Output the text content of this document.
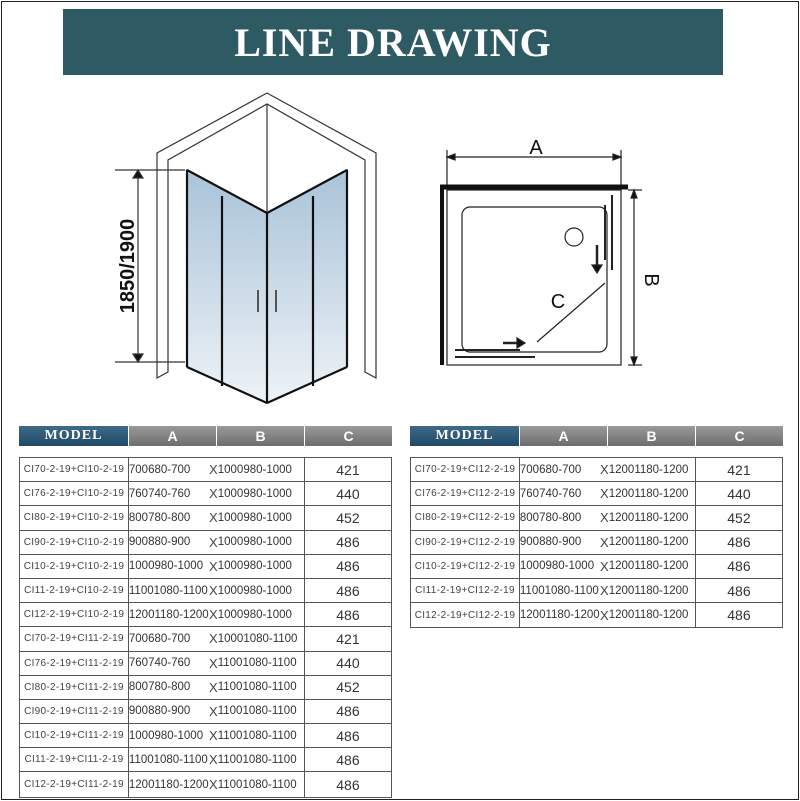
LINE DRAWING
1850/1900
A
B
C
MODEL	A	B	C
CI70-2-19+CI10-2-19 700680-700	X 1000980-1000	421
CI76-2-19+CI10-2-19 760740-760	X 1000980-1000	440
CI80-2-19+CI10-2-19 800780-800	X 1000980-1000	452
CI90-2-19+CI10-2-19 900880-900	X 1000980-1000	486
CI10-2-19+CI10-2-19 1000980-1000 X 1000980-1000	486
CI11-2-19+CI10-2-19 11001080-1100 X 1000980-1000	486
CI12-2-19+CI10-2-19 12001180-1200 X 1000980-1000	486
CI70-2-19+CI11-2-19 700680-700	X 10001080-1100	421
CI76-2-19+CI11-2-19 760740-760	X 11001080-1100	440
CI80-2-19+CI11-2-19 800780-800	X 11001080-1100	452
CI90-2-19+CI11-2-19 900880-900	X 11001080-1100	486
CI10-2-19+CI11-2-19 1000980-1000 X 11001080-1100	486
CI11-2-19+CI11-2-19 11001080-1100 X 11001080-1100	486
CI12-2-19+CI11-2-19 12001180-1200 X 11001080-1100	486
MODEL	A	B	C
CI70-2-19+CI12-2-19 700680-700	X 12001180-1200	421
CI76-2-19+CI12-2-19 760740-760	X 12001180-1200	440
CI80-2-19+CI12-2-19 800780-800	X 12001180-1200	452
CI90-2-19+CI12-2-19 900880-900	X 12001180-1200	486
CI10-2-19+CI12-2-19 1000980-1000 X 12001180-1200	486
CI11-2-19+CI12-2-19 11001080-1100 X 12001180-1200	486
CI12-2-19+CI12-2-19 12001180-1200 X 12001180-1200	486
